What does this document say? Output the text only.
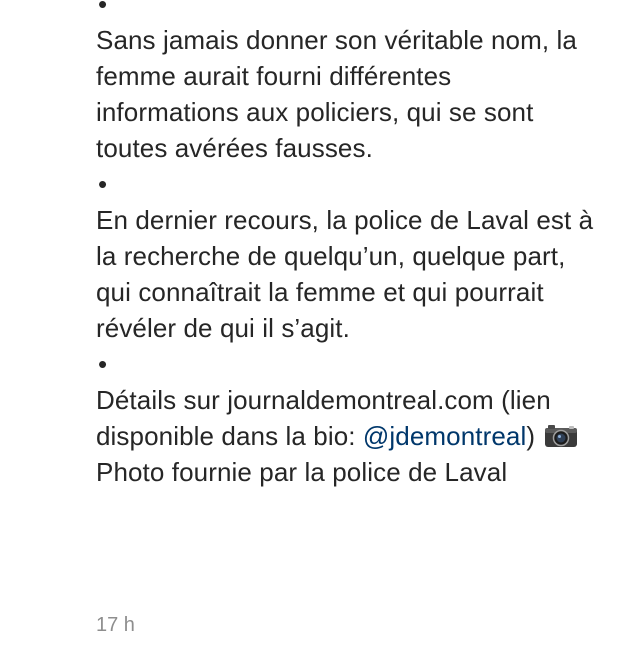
•
Sans jamais donner son véritable nom, la femme aurait fourni différentes informations aux policiers, qui se sont toutes avérées fausses.
•
En dernier recours, la police de Laval est à la recherche de quelqu’un, quelque part, qui connaîtrait la femme et qui pourrait révéler de qui il s’agit.
•
Détails sur journaldemontreal.com (lien disponible dans la bio: @jdemontreal)  Photo fournie par la police de Laval
17 h
